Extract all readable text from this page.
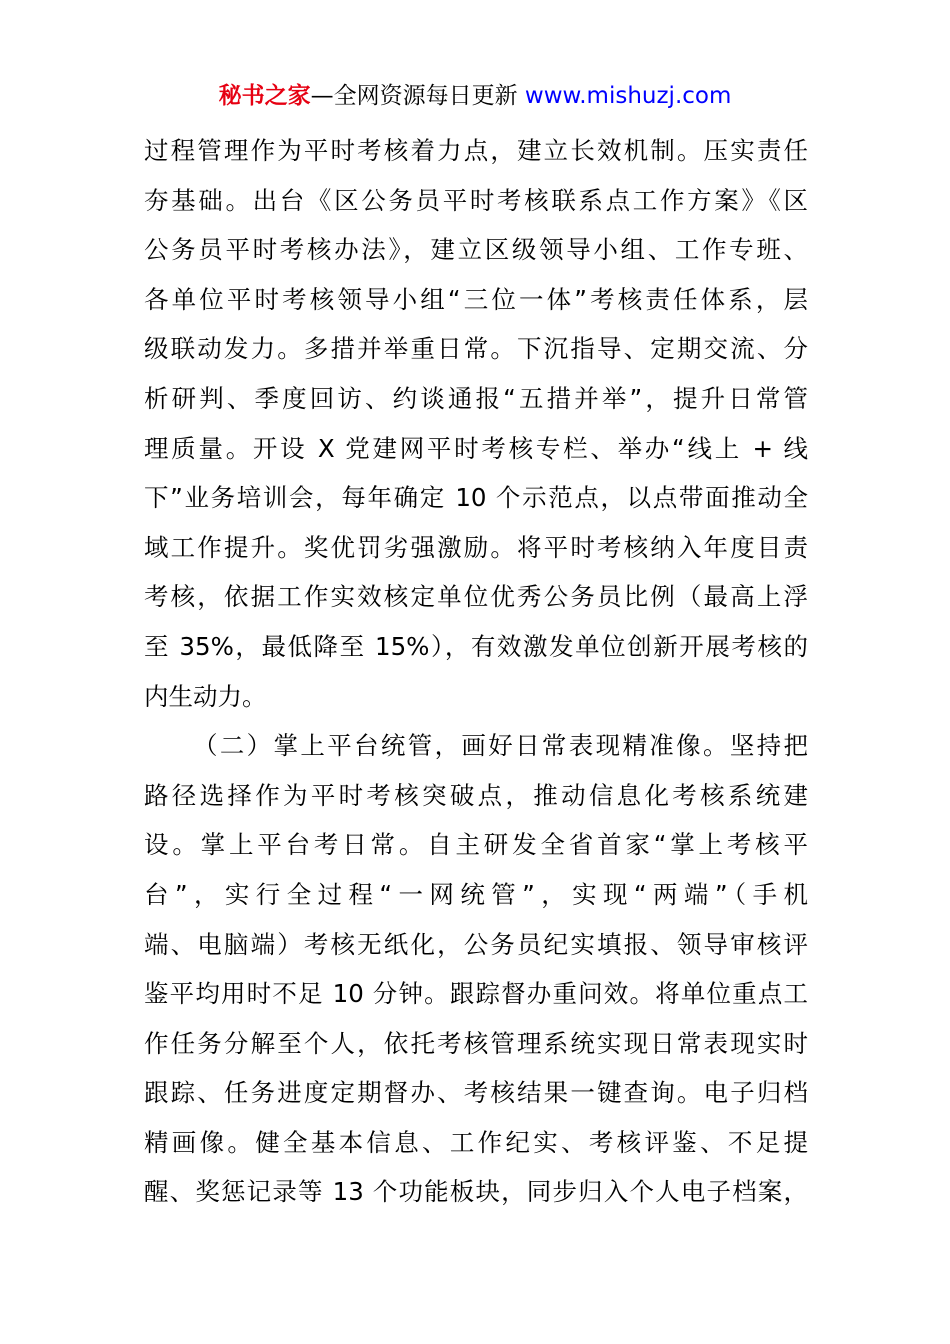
秘书之家—全网资源每日更新 www.mishuzj.com
过程管理作为平时考核着力点，建立长效机制。压实责任
夯基础。出台《区公务员平时考核联系点工作方案》《区
公务员平时考核办法》，建立区级领导小组、工作专班、
各单位平时考核领导小组“三位一体”考核责任体系，层
级联动发力。多措并举重日常。下沉指导、定期交流、分
析研判、季度回访、约谈通报“五措并举”，提升日常管
理质量。开设 X 党建网平时考核专栏、举办“线上 + 线
下”业务培训会，每年确定 10 个示范点，以点带面推动全
域工作提升。奖优罚劣强激励。将平时考核纳入年度目责
考核，依据工作实效核定单位优秀公务员比例（最高上浮
至 35%，最低降至 15%），有效激发单位创新开展考核的
内生动力。
（二）掌上平台统管，画好日常表现精准像。坚持把
路径选择作为平时考核突破点，推动信息化考核系统建
设。掌上平台考日常。自主研发全省首家“掌上考核平
台”，实行全过程“一网统管”，实现“两端”（手机
端、电脑端）考核无纸化，公务员纪实填报、领导审核评
鉴平均用时不足 10 分钟。跟踪督办重问效。将单位重点工
作任务分解至个人，依托考核管理系统实现日常表现实时
跟踪、任务进度定期督办、考核结果一键查询。电子归档
精画像。健全基本信息、工作纪实、考核评鉴、不足提
醒、奖惩记录等 13 个功能板块，同步归入个人电子档案，
